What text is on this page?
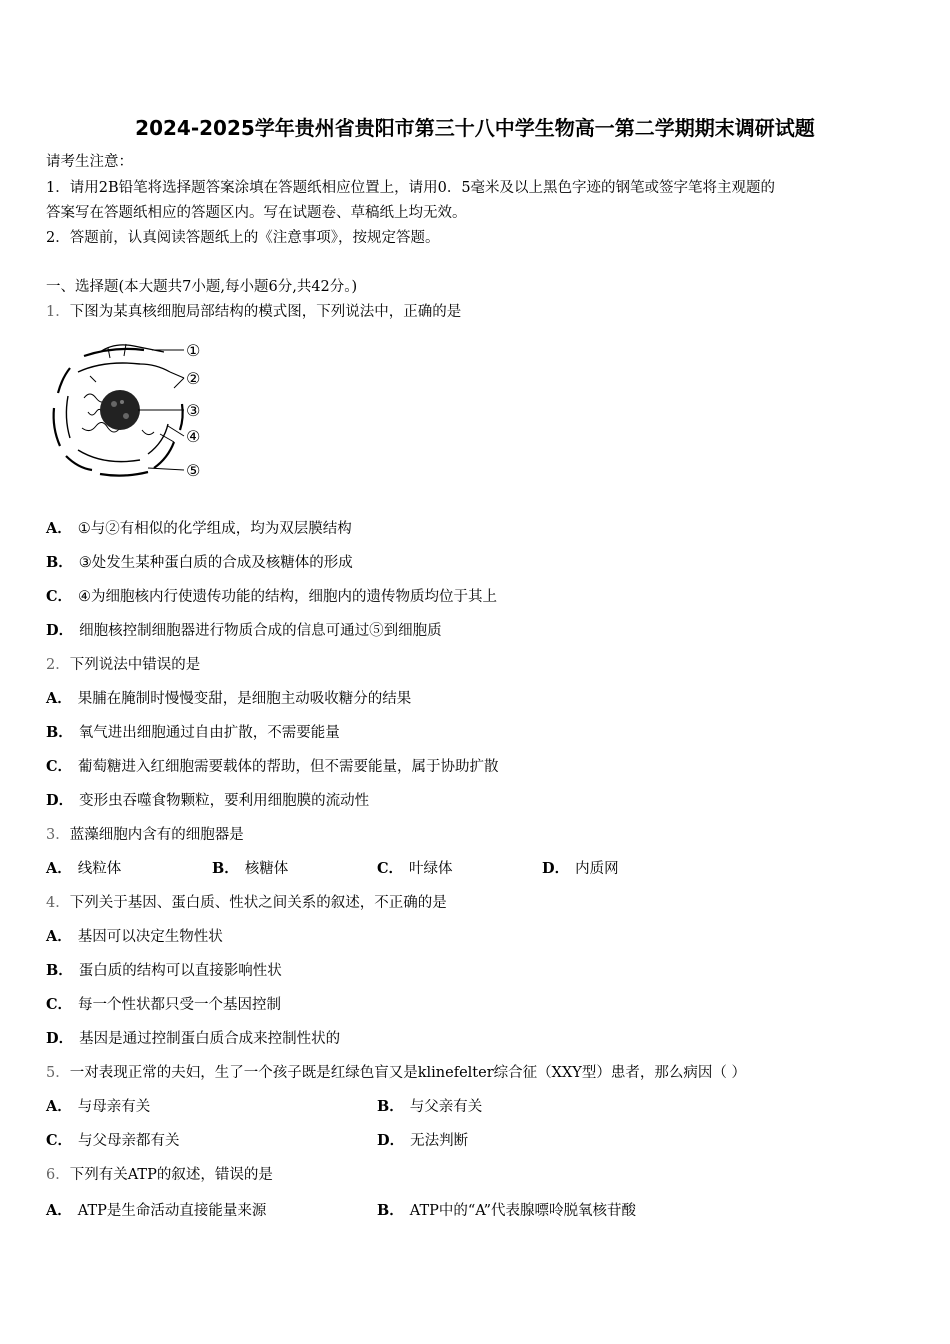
2024-2025学年贵州省贵阳市第三十八中学生物高一第二学期期末调研试题
请考生注意：
1．请用2B铅笔将选择题答案涂填在答题纸相应位置上，请用0．5毫米及以上黑色字迹的钢笔或签字笔将主观题的
答案写在答题纸相应的答题区内。写在试题卷、草稿纸上均无效。
2．答题前，认真阅读答题纸上的《注意事项》，按规定答题。
一、选择题(本大题共7小题,每小题6分,共42分。)
1．下图为某真核细胞局部结构的模式图，下列说法中，正确的是
①
②
③
④
⑤
A． ①与②有相似的化学组成，均为双层膜结构
B． ③处发生某种蛋白质的合成及核糖体的形成
C． ④为细胞核内行使遗传功能的结构，细胞内的遗传物质均位于其上
D． 细胞核控制细胞器进行物质合成的信息可通过⑤到细胞质
2．下列说法中错误的是
A． 果脯在腌制时慢慢变甜，是细胞主动吸收糖分的结果
B． 氧气进出细胞通过自由扩散，不需要能量
C． 葡萄糖进入红细胞需要载体的帮助，但不需要能量，属于协助扩散
D． 变形虫吞噬食物颗粒，要利用细胞膜的流动性
3．蓝藻细胞内含有的细胞器是
A． 线粒体	B． 核糖体	C． 叶绿体	D． 内质网
4．下列关于基因、蛋白质、性状之间关系的叙述，不正确的是
A． 基因可以决定生物性状
B． 蛋白质的结构可以直接影响性状
C． 每一个性状都只受一个基因控制
D． 基因是通过控制蛋白质合成来控制性状的
5．一对表现正常的夫妇，生了一个孩子既是红绿色盲又是klinefelter综合征（XXY型）患者，那么病因（ ）
A． 与母亲有关	B． 与父亲有关
C． 与父母亲都有关	D． 无法判断
6．下列有关ATP的叙述，错误的是
A． ATP是生命活动直接能量来源	B． ATP中的“A”代表腺嘌呤脱氧核苷酸
